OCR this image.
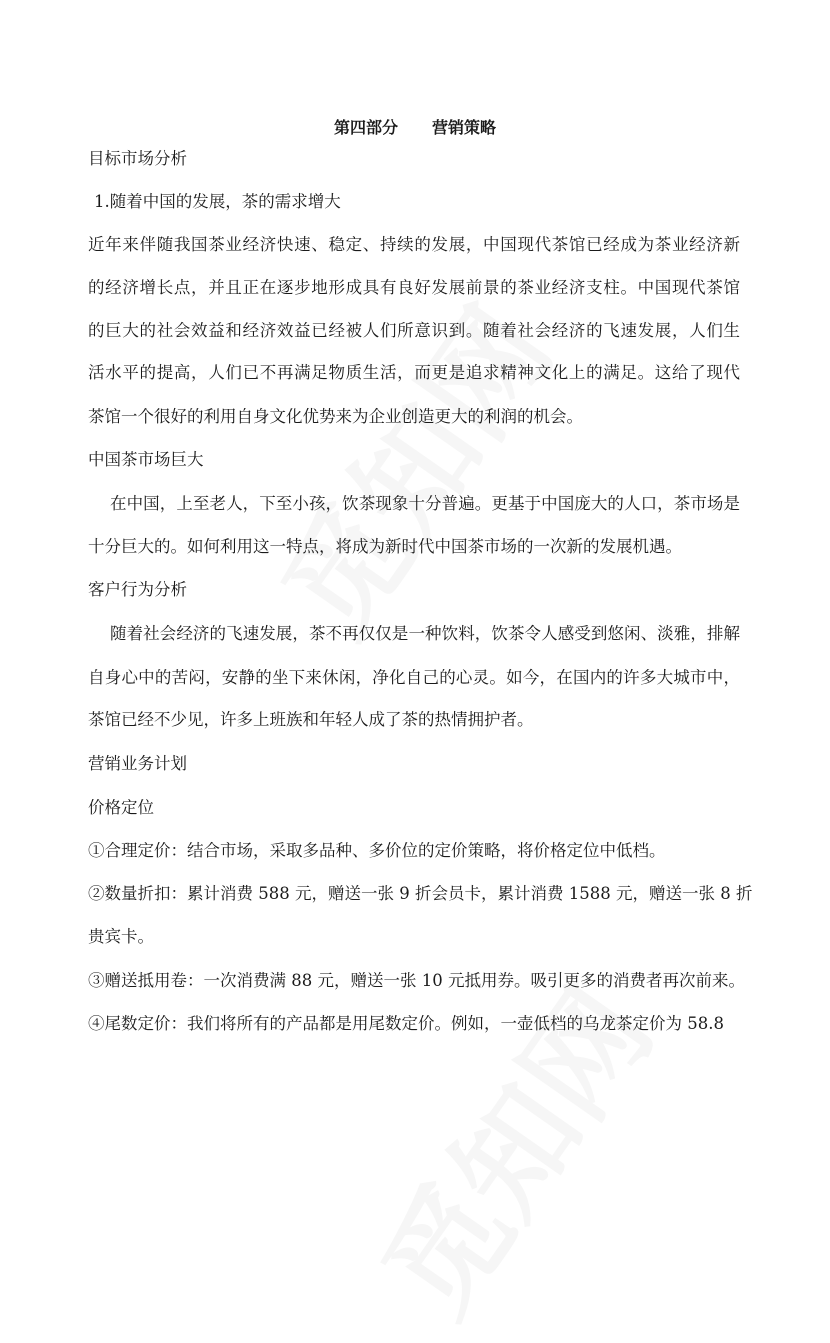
第四部分 营销策略
目标市场分析
1.随着中国的发展，茶的需求增大
近年来伴随我国茶业经济快速、稳定、持续的发展，中国现代茶馆已经成为茶业经济新
的经济增长点，并且正在逐步地形成具有良好发展前景的茶业经济支柱。中国现代茶馆
的巨大的社会效益和经济效益已经被人们所意识到。随着社会经济的飞速发展，人们生
活水平的提高，人们已不再满足物质生活，而更是追求精神文化上的满足。这给了现代
茶馆一个很好的利用自身文化优势来为企业创造更大的利润的机会。
中国茶市场巨大
在中国，上至老人，下至小孩，饮茶现象十分普遍。更基于中国庞大的人口，茶市场是
十分巨大的。如何利用这一特点，将成为新时代中国茶市场的一次新的发展机遇。
客户行为分析
随着社会经济的飞速发展，茶不再仅仅是一种饮料，饮茶令人感受到悠闲、淡雅，排解
自身心中的苦闷，安静的坐下来休闲，净化自己的心灵。如今，在国内的许多大城市中，
茶馆已经不少见，许多上班族和年轻人成了茶的热情拥护者。
营销业务计划
价格定位
①合理定价：结合市场，采取多品种、多价位的定价策略，将价格定位中低档。
②数量折扣：累计消费 588 元，赠送一张 9 折会员卡，累计消费 1588 元，赠送一张 8 折
贵宾卡。
③赠送抵用卷：一次消费满 88 元，赠送一张 10 元抵用券。吸引更多的消费者再次前来。
④尾数定价：我们将所有的产品都是用尾数定价。例如，一壶低档的乌龙茶定价为 58.8
